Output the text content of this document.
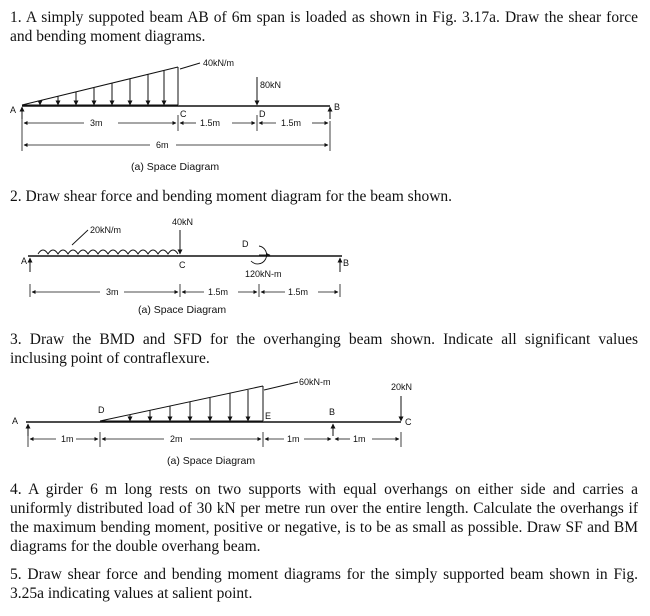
1. A simply suppoted beam AB of 6m span is loaded as shown in Fig. 3.17a. Draw the shear force and bending moment diagrams.

40kN/m
80kN
A	B
C	D
3m	1.5m	1.5m
6m
(a) Space Diagram

2. Draw shear force and bending moment diagram for the beam shown.

20kN/m
40kN
A	B
C
D
120kN-m
3m	1.5m	1.5m
(a) Space Diagram

3. Draw the BMD and SFD for the overhanging beam shown. Indicate all significant values inclusing point of contraflexure.

60kN-m	20kN
A
D
E	B
C
1m	2m	1m	1m
(a) Space Diagram

4. A girder 6 m long rests on two supports with equal overhangs on either side and carries a uniformly distributed load of 30 kN per metre run over the entire length. Calculate the overhangs if the maximum bending moment, positive or negative, is to be as small as possible. Draw SF and BM diagrams for the double overhang beam.

5. Draw shear force and bending moment diagrams for the simply supported beam shown in Fig. 3.25a indicating values at salient point.
